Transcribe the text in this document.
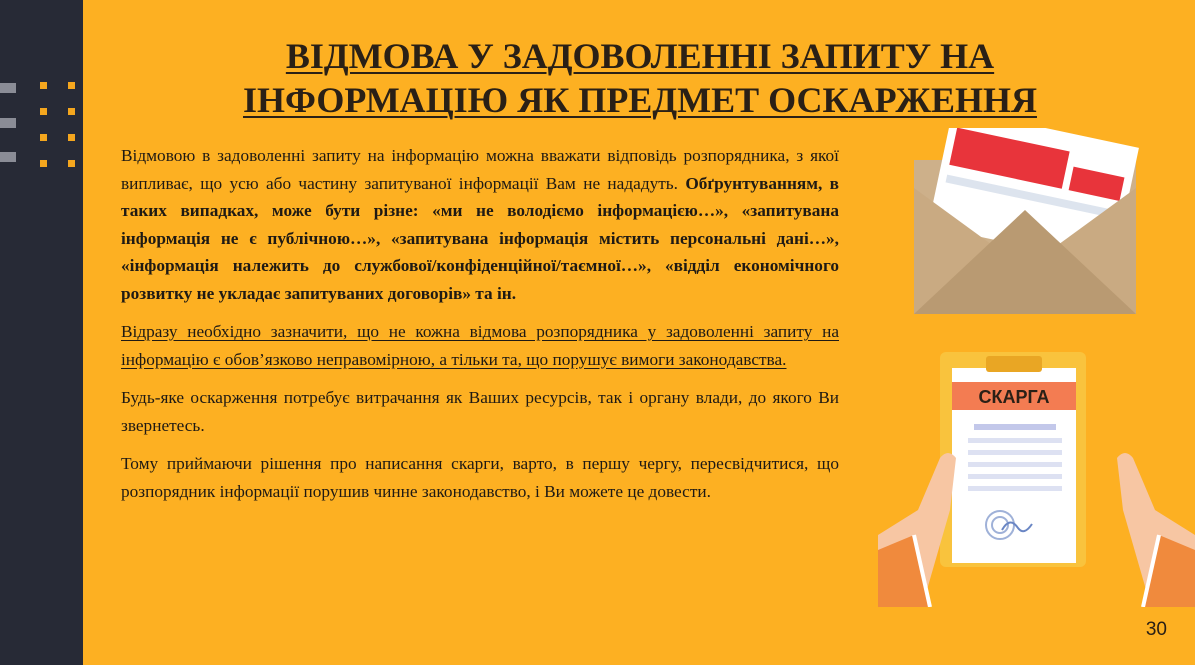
ВІДМОВА У ЗАДОВОЛЕННІ ЗАПИТУ НА
ІНФОРМАЦІЮ ЯК ПРЕДМЕТ ОСКАРЖЕННЯ

Відмовою в задоволенні запиту на інформацію можна вважати відповідь розпорядника, з якої випливає, що усю або частину запитуваної інформації Вам не нададуть. Обґрунтуванням, в таких випадках, може бути різне: «ми не володіємо інформацією…», «запитувана інформація не є публічною…», «запитувана інформація містить персональні дані…», «інформація належить до службової/конфіденційної/таємної…», «відділ економічного розвитку не укладає запитуваних договорів» та ін.

Відразу необхідно зазначити, що не кожна відмова розпорядника у задоволенні запиту на інформацію є обов’язково неправомірною, а тільки та, що порушує вимоги законодавства.

Будь-яке оскарження потребує витрачання як Ваших ресурсів, так і органу влади, до якого Ви звернетесь.

Тому приймаючи рішення про написання скарги, варто, в першу чергу, пересвідчитися, що розпорядник інформації порушив чинне законодавство, і Ви можете це довести.

СКАРГА
30
